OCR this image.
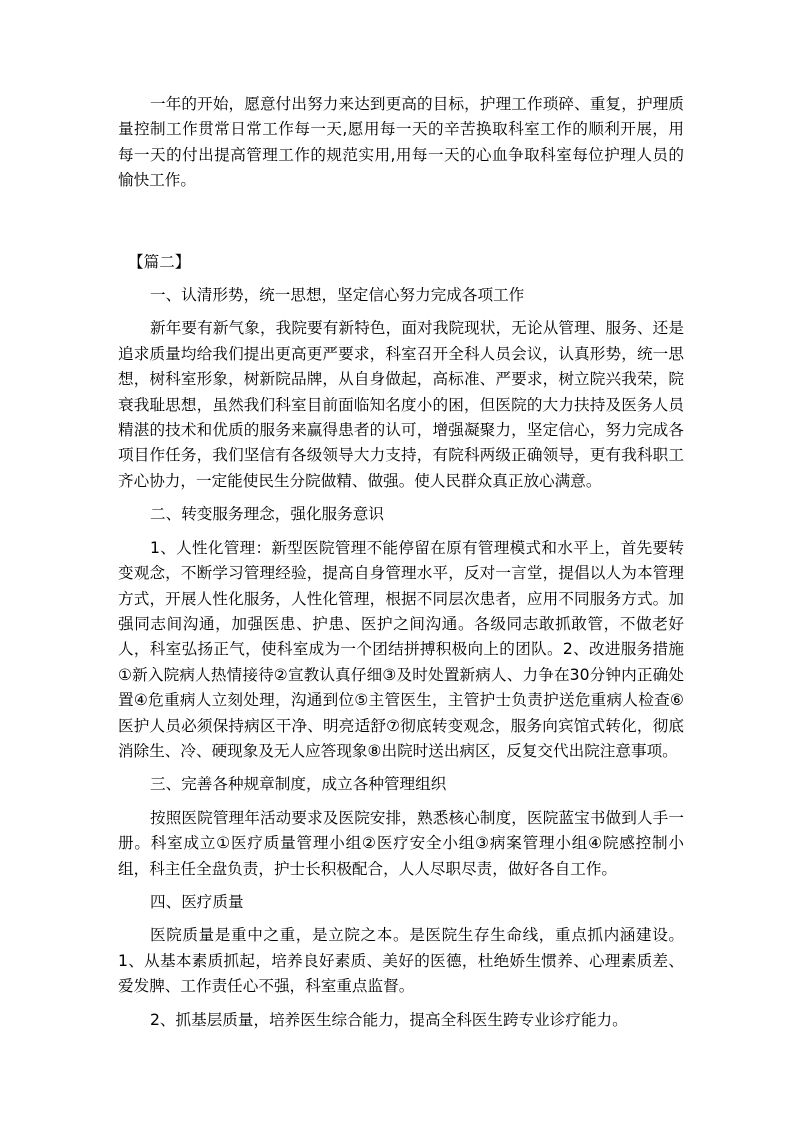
一年的开始，愿意付出努力来达到更高的目标，护理工作琐碎、重复，护理质量控制工作贯常日常工作每一天,愿用每一天的辛苦换取科室工作的顺利开展，用每一天的付出提高管理工作的规范实用,用每一天的心血争取科室每位护理人员的愉快工作。

【篇二】

一、认清形势，统一思想，坚定信心努力完成各项工作

新年要有新气象，我院要有新特色，面对我院现状，无论从管理、服务、还是追求质量均给我们提出更高更严要求，科室召开全科人员会议，认真形势，统一思想，树科室形象，树新院品牌，从自身做起，高标准、严要求，树立院兴我荣，院衰我耻思想，虽然我们科室目前面临知名度小的困，但医院的大力扶持及医务人员精湛的技术和优质的服务来赢得患者的认可，增强凝聚力，坚定信心，努力完成各项目作任务，我们坚信有各级领导大力支持，有院科两级正确领导，更有我科职工齐心协力，一定能使民生分院做精、做强。使人民群众真正放心满意。

二、转变服务理念，强化服务意识

1、人性化管理：新型医院管理不能停留在原有管理模式和水平上，首先要转变观念，不断学习管理经验，提高自身管理水平，反对一言堂，提倡以人为本管理方式，开展人性化服务，人性化管理，根据不同层次患者，应用不同服务方式。加强同志间沟通，加强医患、护患、医护之间沟通。各级同志敢抓敢管，不做老好人，科室弘扬正气，使科室成为一个团结拼搏积极向上的团队。2、改进服务措施①新入院病人热情接待②宣教认真仔细③及时处置新病人、力争在30分钟内正确处置④危重病人立刻处理，沟通到位⑤主管医生，主管护士负责护送危重病人检查⑥医护人员必须保持病区干净、明亮适舒⑦彻底转变观念，服务向宾馆式转化，彻底消除生、冷、硬现象及无人应答现象⑧出院时送出病区，反复交代出院注意事项。

三、完善各种规章制度，成立各种管理组织

按照医院管理年活动要求及医院安排，熟悉核心制度，医院蓝宝书做到人手一册。科室成立①医疗质量管理小组②医疗安全小组③病案管理小组④院感控制小组，科主任全盘负责，护士长积极配合，人人尽职尽责，做好各自工作。

四、医疗质量

医院质量是重中之重，是立院之本。是医院生存生命线，重点抓内涵建设。1、从基本素质抓起，培养良好素质、美好的医德，杜绝娇生惯养、心理素质差、爱发脾、工作责任心不强，科室重点监督。

2、抓基层质量，培养医生综合能力，提高全科医生跨专业诊疗能力。
